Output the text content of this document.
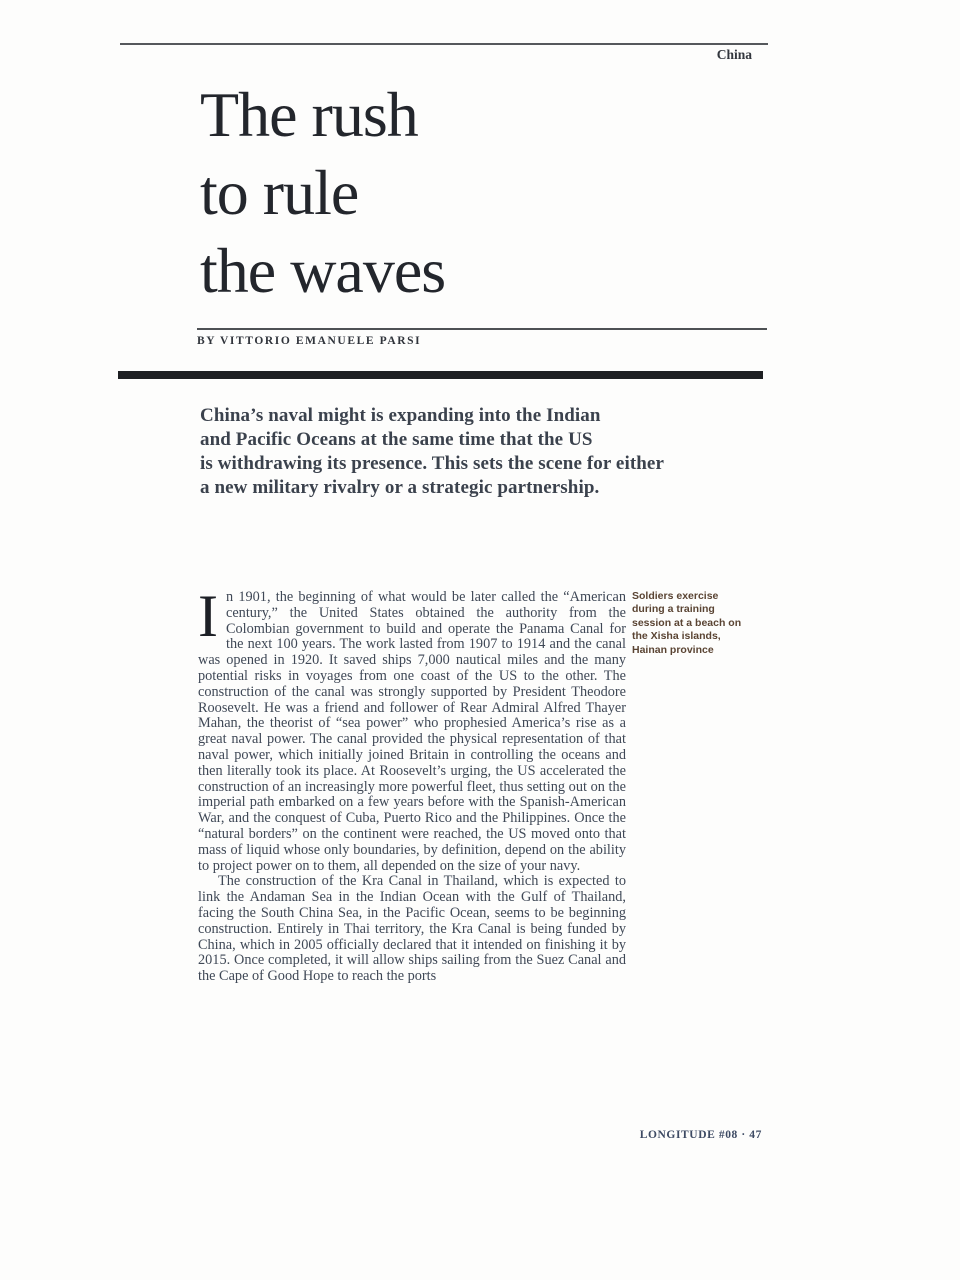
China
The rush
to rule
the waves
BY VITTORIO EMANUELE PARSI
China’s naval might is expanding into the Indian
and Pacific Oceans at the same time that the US
is withdrawing its presence. This sets the scene for either
a new military rivalry or a strategic partnership.

In 1901, the beginning of what would be later called the “American century,” the United States obtained the authority from the Colombian government to build and operate the Panama Canal for the next 100 years. The work lasted from 1907 to 1914 and the canal was opened in 1920. It saved ships 7,000 nautical miles and the many potential risks in voyages from one coast of the US to the other. The construction of the canal was strongly supported by President Theodore Roosevelt. He was a friend and follower of Rear Admiral Alfred Thayer Mahan, the theorist of “sea power” who prophesied America’s rise as a great naval power. The canal provided the physical representation of that naval power, which initially joined Britain in controlling the oceans and then literally took its place. At Roosevelt’s urging, the US accelerated the construction of an increasingly more powerful fleet, thus setting out on the imperial path embarked on a few years before with the Spanish-American War, and the conquest of Cuba, Puerto Rico and the Philippines. Once the “natural borders” on the continent were reached, the US moved onto that mass of liquid whose only boundaries, by definition, depend on the ability to project power on to them, all depended on the size of your navy.

The construction of the Kra Canal in Thailand, which is expected to link the Andaman Sea in the Indian Ocean with the Gulf of Thailand, facing the South China Sea, in the Pacific Ocean, seems to be beginning construction. Entirely in Thai territory, the Kra Canal is being funded by China, which in 2005 officially declared that it intended on finishing it by 2015. Once completed, it will allow ships sailing from the Suez Canal and the Cape of Good Hope to reach the ports

Soldiers exercise
during a training
session at a beach on
the Xisha islands,
Hainan province
LONGITUDE #08 · 47
